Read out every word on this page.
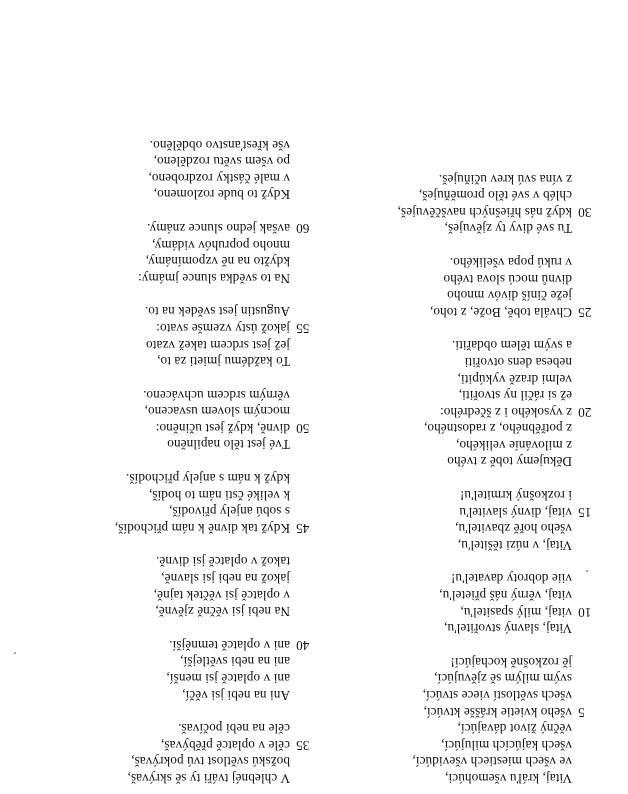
Vitaj, kráľu všemohúci,
ve všech miestiech vševidúcí,
všech kajúcích milujúcí,
věčný život dávajúcí,
5
všeho kvietie krášše ktvúcí,
všech světlostí viece stvúcí,
svým milým sě zjěvujúcí,
jě rozkošně kochajúcí!
Vitaj, slavný stvořitel'u,
10
vitaj, milý spasitel'u,
vitaj, věrný náš přietel'u,
viie dobroty davatel'u!
Vitaj, v núzi těšitel'u,
všeho hořě zbavitel'u,
15
vitaj, divný slavitel'u
i rozkošný krmitel'u!
Děkujemy tobě z tvého
z milováníe velikého,
z potřěbného, z radostného,
20
z vysokého i z ščedrého:
ež si ráčil ny stvořiti,
velmi drazě vykúpiti,
nebesa dens otvořiti
a svým tělem obdařiti.
25
Chvála tobě, Bože, z toho,
ježe činíš divóv mnoho
divnů mocú slova tvého
v rukú popa všelikého.
Tu své divy ty zjěvuješ,
30
když nás hřiešných navščěvuješ,
chléb v své tělo proměňuješ,
z vína svú krev učiňuješ.
V chlebnéj tváři ty sě skrývaš,
božskú světlost tvú pokrývaš,
35
cěle v oplatcě přěbývaš,
cěle na nebi počívaš.
Ani na nebi jsi věčí,
ani v oplatcě jsi menší,
ani na nebi světlejší,
40
ani v oplatcě temnější.
Na nebi jsi věčně zjěvně,
v oplatcě jsi věčtek tajně,
jakož na nebi jsi slavně,
takož v oplatcě jsi divně.
45
Když tak divně k nám přichodíš,
s sobú anjely přivodíš,
k veliké čsti nám to hodíš,
když k nám s anjely přichodíš.
Tvé jest tělo napilněno
50
divně, když jest učiněno:
mocným slovem usvaceno,
věrným srdcem uchváceno.
To každému jmieti za to,
jež jest srdcem takež vzato
55
jakož ústy vzemše svato:
Augustin jest svědek na to.
Na to svědka slunce jmámy:
kdyžto na ně vzpomínámy,
mnoho popruhóv vidámy,
60
avšak jedno slunce známy.
Když to bude rozlomeno,
v malé částky rozdrobeno,
po všem světu rozděleno,
vše křesťanstvo obdělěno.
